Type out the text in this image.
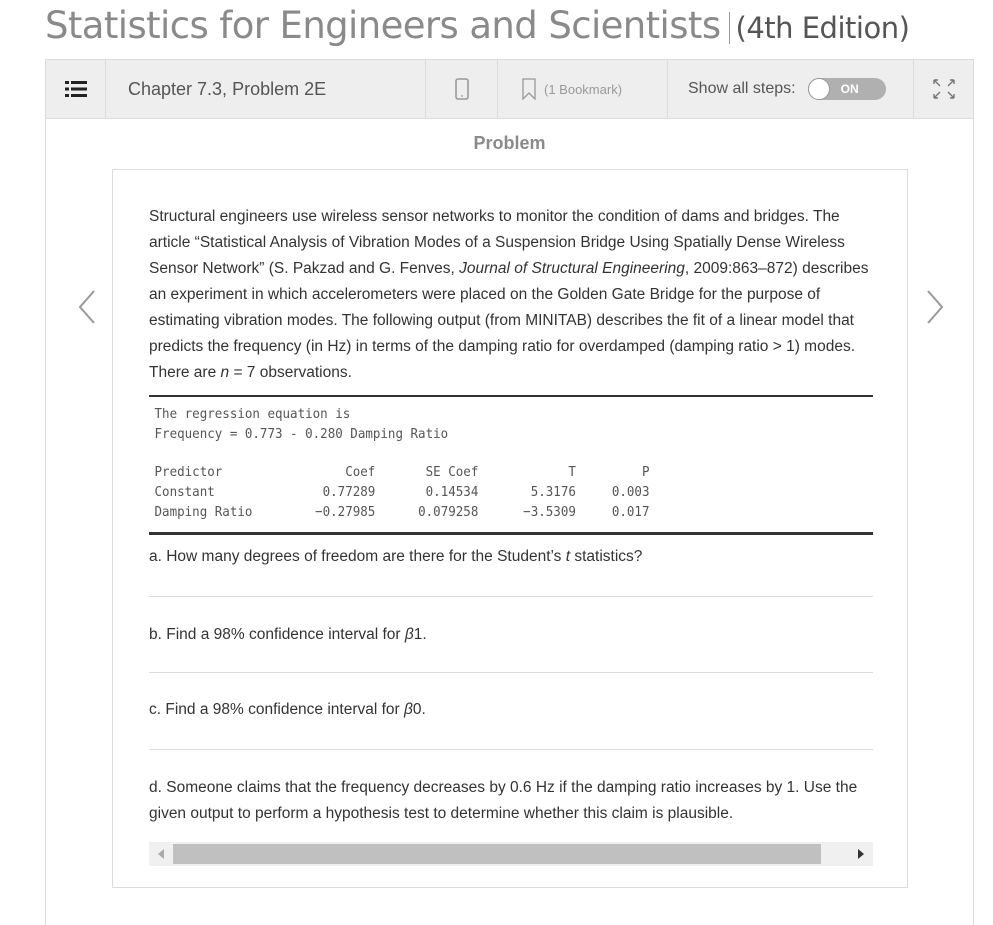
Statistics for Engineers and Scientists (4th Edition)
Chapter 7.3, Problem 2E	(1 Bookmark)	Show all steps:	ON
Problem

Structural engineers use wireless sensor networks to monitor the condition of dams and bridges. The article “Statistical Analysis of Vibration Modes of a Suspension Bridge Using Spatially Dense Wireless Sensor Network” (S. Pakzad and G. Fenves, Journal of Structural Engineering, 2009:863–872) describes an experiment in which accelerometers were placed on the Golden Gate Bridge for the purpose of estimating vibration modes. The following output (from MINITAB) describes the fit of a linear model that predicts the frequency (in Hz) in terms of the damping ratio for overdamped (damping ratio > 1) modes. There are n = 7 observations.

The regression equation is
Frequency = 0.773 - 0.280 Damping Ratio
Predictor	Coef	SE Coef	T	P
Constant	0.77289	0.14534	5.3176	0.003
Damping Ratio	−0.27985	0.079258	−3.5309	0.017
a. How many degrees of freedom are there for the Student’s t statistics?
b. Find a 98% confidence interval for β1.
c. Find a 98% confidence interval for β0.
d. Someone claims that the frequency decreases by 0.6 Hz if the damping ratio increases by 1. Use the given output to perform a hypothesis test to determine whether this claim is plausible.
